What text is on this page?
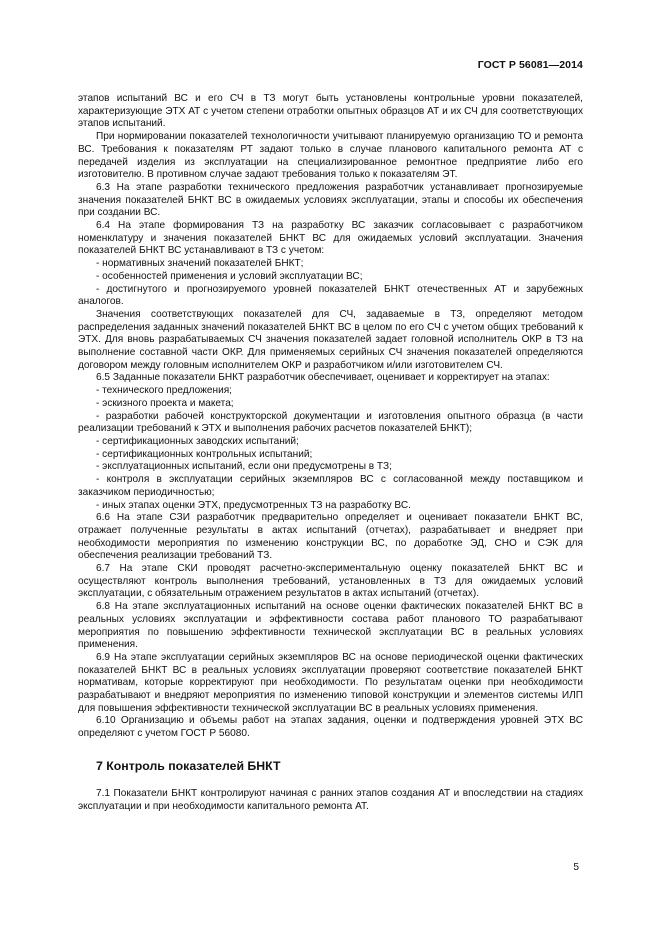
ГОСТ Р 56081—2014

этапов испытаний ВС и его СЧ в ТЗ могут быть установлены контрольные уровни показателей, характеризующие ЭТХ АТ с учетом степени отработки опытных образцов АТ и их СЧ для соответствующих этапов испытаний.

При нормировании показателей технологичности учитывают планируемую организацию ТО и ремонта ВС. Требования к показателям РТ задают только в случае планового капитального ремонта АТ с передачей изделия из эксплуатации на специализированное ремонтное предприятие либо его изготовителю. В противном случае задают требования только к показателям ЭТ.

6.3 На этапе разработки технического предложения разработчик устанавливает прогнозируемые значения показателей БНКТ ВС в ожидаемых условиях эксплуатации, этапы и способы их обеспечения при создании ВС.

6.4 На этапе формирования ТЗ на разработку ВС заказчик согласовывает с разработчиком номенклатуру и значения показателей БНКТ ВС для ожидаемых условий эксплуатации. Значения показателей БНКТ ВС устанавливают в ТЗ с учетом:

- нормативных значений показателей БНКТ;

- особенностей применения и условий эксплуатации ВС;

- достигнутого и прогнозируемого уровней показателей БНКТ отечественных АТ и зарубежных аналогов.

Значения соответствующих показателей для СЧ, задаваемые в ТЗ, определяют методом распределения заданных значений показателей БНКТ ВС в целом по его СЧ с учетом общих требований к ЭТХ. Для вновь разрабатываемых СЧ значения показателей задает головной исполнитель ОКР в ТЗ на выполнение составной части ОКР. Для применяемых серийных СЧ значения показателей определяются договором между головным исполнителем ОКР и разработчиком и/или изготовителем СЧ.

6.5 Заданные показатели БНКТ разработчик обеспечивает, оценивает и корректирует на этапах:

- технического предложения;

- эскизного проекта и макета;

- разработки рабочей конструкторской документации и изготовления опытного образца (в части реализации требований к ЭТХ и выполнения рабочих расчетов показателей БНКТ);

- сертификационных заводских испытаний;

- сертификационных контрольных испытаний;

- эксплуатационных испытаний, если они предусмотрены в ТЗ;

- контроля в эксплуатации серийных экземпляров ВС с согласованной между поставщиком и заказчиком периодичностью;

- иных этапах оценки ЭТХ, предусмотренных ТЗ на разработку ВС.

6.6 На этапе СЗИ разработчик предварительно определяет и оценивает показатели БНКТ ВС, отражает полученные результаты в актах испытаний (отчетах), разрабатывает и внедряет при необходимости мероприятия по изменению конструкции ВС, по доработке ЭД, СНО и СЭК для обеспечения реализации требований ТЗ.

6.7 На этапе СКИ проводят расчетно-экспериментальную оценку показателей БНКТ ВС и осуществляют контроль выполнения требований, установленных в ТЗ для ожидаемых условий эксплуатации, с обязательным отражением результатов в актах испытаний (отчетах).

6.8 На этапе эксплуатационных испытаний на основе оценки фактических показателей БНКТ ВС в реальных условиях эксплуатации и эффективности состава работ планового ТО разрабатывают мероприятия по повышению эффективности технической эксплуатации ВС в реальных условиях применения.

6.9 На этапе эксплуатации серийных экземпляров ВС на основе периодической оценки фактических показателей БНКТ ВС в реальных условиях эксплуатации проверяют соответствие показателей БНКТ нормативам, которые корректируют при необходимости. По результатам оценки при необходимости разрабатывают и внедряют мероприятия по изменению типовой конструкции и элементов системы ИЛП для повышения эффективности технической эксплуатации ВС в реальных условиях применения.

6.10 Организацию и объемы работ на этапах задания, оценки и подтверждения уровней ЭТХ ВС определяют с учетом ГОСТ Р 56080.

7 Контроль показателей БНКТ

7.1 Показатели БНКТ контролируют начиная с ранних этапов создания АТ и впоследствии на стадиях эксплуатации и при необходимости капитального ремонта АТ.

5
